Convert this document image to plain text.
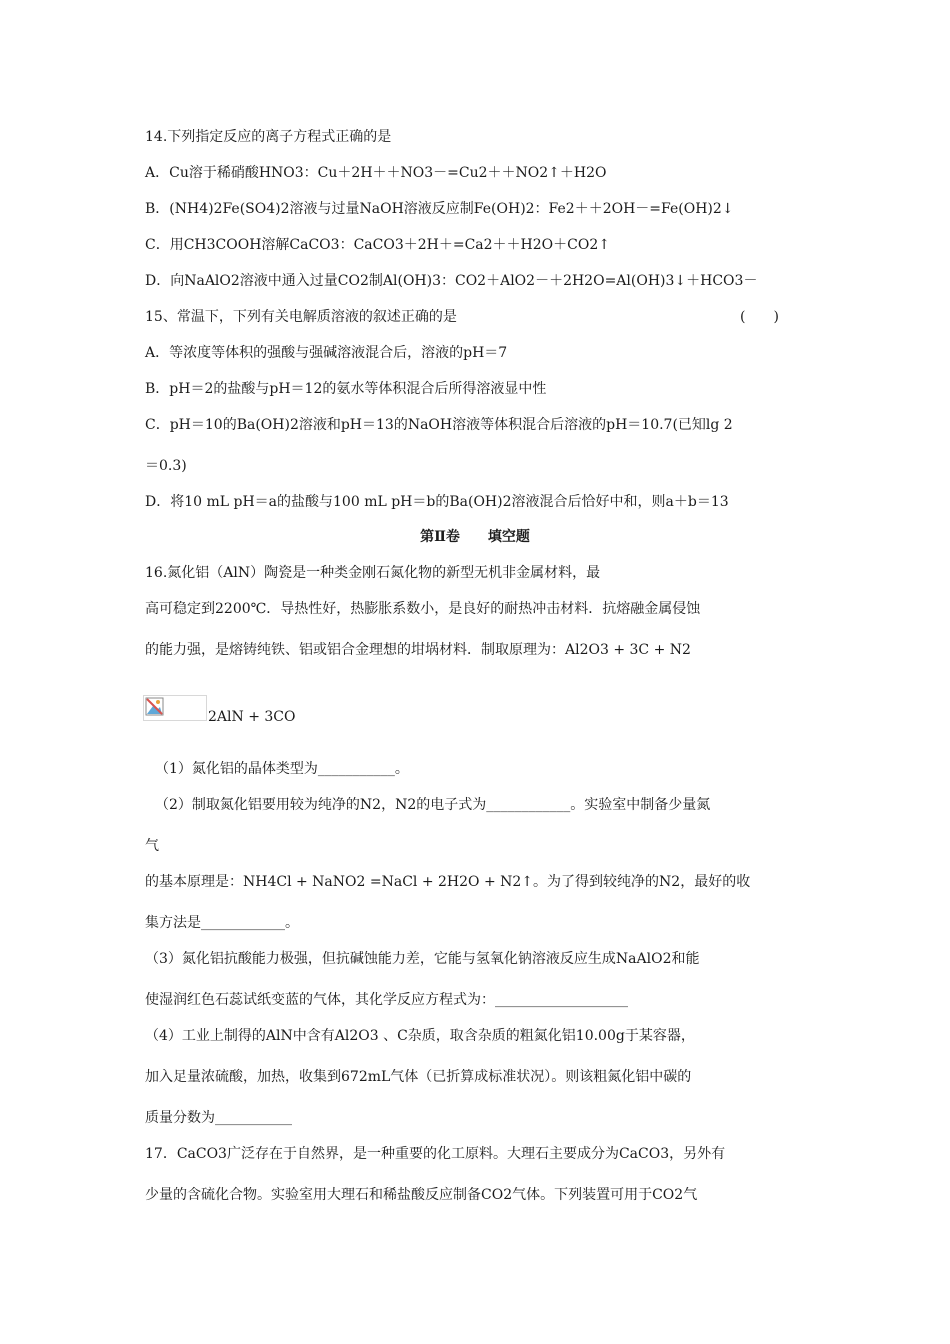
14.下列指定反应的离子方程式正确的是
A．Cu溶于稀硝酸HNO3：Cu＋2H＋＋NO3－=Cu2＋＋NO2↑＋H2O
B．(NH4)2Fe(SO4)2溶液与过量NaOH溶液反应制Fe(OH)2：Fe2＋＋2OH－=Fe(OH)2↓
C．用CH3COOH溶解CaCO3：CaCO3＋2H＋=Ca2＋＋H2O＋CO2↑
D．向NaAlO2溶液中通入过量CO2制Al(OH)3：CO2＋AlO2－＋2H2O=Al(OH)3↓＋HCO3－
15、常温下，下列有关电解质溶液的叙述正确的是	(　　)
A．等浓度等体积的强酸与强碱溶液混合后，溶液的pH＝7
B．pH＝2的盐酸与pH＝12的氨水等体积混合后所得溶液显中性
C．pH＝10的Ba(OH)2溶液和pH＝13的NaOH溶液等体积混合后溶液的pH＝10.7(已知lg 2
＝0.3)
D．将10 mL pH＝a的盐酸与100 mL pH＝b的Ba(OH)2溶液混合后恰好中和，则a＋b＝13
第Ⅱ卷　　填空题
16.氮化铝（AlN）陶瓷是一种类金刚石氮化物的新型无机非金属材料，最
高可稳定到2200℃．导热性好，热膨胀系数小，是良好的耐热冲击材料．抗熔融金属侵蚀
的能力强，是熔铸纯铁、铝或铝合金理想的坩埚材料．制取原理为：Al2O3 + 3C + N2
2AlN + 3CO
（1）氮化铝的晶体类型为___________。
（2）制取氮化铝要用较为纯净的N2，N2的电子式为____________。实验室中制备少量氮
气
的基本原理是：NH4Cl + NaNO2 =NaCl + 2H2O + N2↑。为了得到较纯净的N2，最好的收
集方法是____________。
（3）氮化铝抗酸能力极强，但抗碱蚀能力差，它能与氢氧化钠溶液反应生成NaAlO2和能
使湿润红色石蕊试纸变蓝的气体，其化学反应方程式为：___________________
（4）工业上制得的AlN中含有Al2O3 、C杂质，取含杂质的粗氮化铝10.00g于某容器，
加入足量浓硫酸，加热，收集到672mL气体（已折算成标准状况）。则该粗氮化铝中碳的
质量分数为___________
17．CaCO3广泛存在于自然界，是一种重要的化工原料。大理石主要成分为CaCO3，另外有
少量的含硫化合物。实验室用大理石和稀盐酸反应制备CO2气体。下列装置可用于CO2气
